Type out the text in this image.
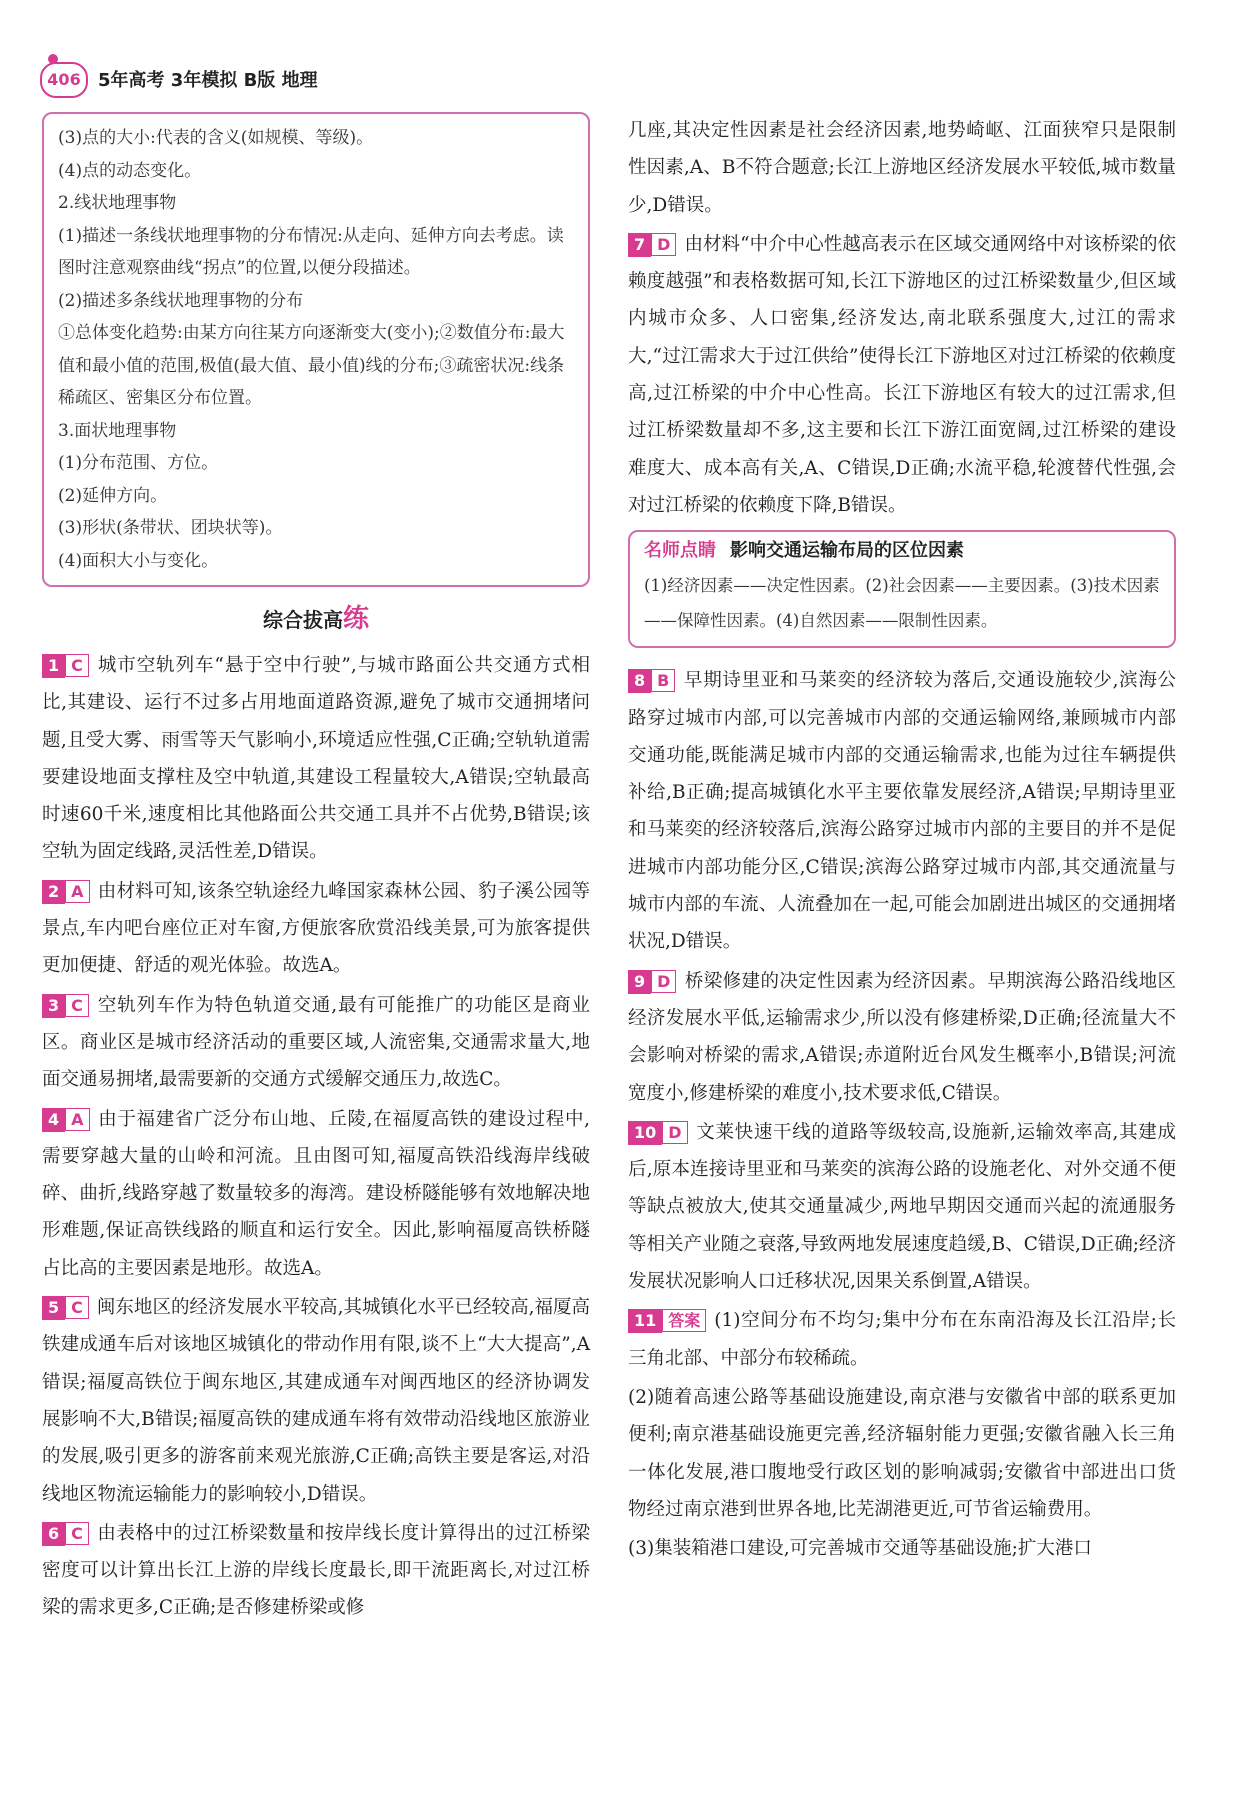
406 5年高考 3年模拟 B版 地理

(3)点的大小:代表的含义(如规模、等级)。

(4)点的动态变化。

2.线状地理事物

(1)描述一条线状地理事物的分布情况:从走向、延伸方向去考虑。读图时注意观察曲线“拐点”的位置,以便分段描述。

(2)描述多条线状地理事物的分布

①总体变化趋势:由某方向往某方向逐渐变大(变小);②数值分布:最大值和最小值的范围,极值(最大值、最小值)线的分布;③疏密状况:线条稀疏区、密集区分布位置。

3.面状地理事物

(1)分布范围、方位。

(2)延伸方向。

(3)形状(条带状、团块状等)。

(4)面积大小与变化。

综合拔高练

1 C 城市空轨列车“悬于空中行驶”,与城市路面公共交通方式相比,其建设、运行不过多占用地面道路资源,避免了城市交通拥堵问题,且受大雾、雨雪等天气影响小,环境适应性强,C正确;空轨轨道需要建设地面支撑柱及空中轨道,其建设工程量较大,A错误;空轨最高时速60千米,速度相比其他路面公共交通工具并不占优势,B错误;该空轨为固定线路,灵活性差,D错误。

2 A 由材料可知,该条空轨途经九峰国家森林公园、豹子溪公园等景点,车内吧台座位正对车窗,方便旅客欣赏沿线美景,可为旅客提供更加便捷、舒适的观光体验。故选A。

3 C 空轨列车作为特色轨道交通,最有可能推广的功能区是商业区。商业区是城市经济活动的重要区域,人流密集,交通需求量大,地面交通易拥堵,最需要新的交通方式缓解交通压力,故选C。

4 A 由于福建省广泛分布山地、丘陵,在福厦高铁的建设过程中,需要穿越大量的山岭和河流。且由图可知,福厦高铁沿线海岸线破碎、曲折,线路穿越了数量较多的海湾。建设桥隧能够有效地解决地形难题,保证高铁线路的顺直和运行安全。因此,影响福厦高铁桥隧占比高的主要因素是地形。故选A。

5 C 闽东地区的经济发展水平较高,其城镇化水平已经较高,福厦高铁建成通车后对该地区城镇化的带动作用有限,谈不上“大大提高”,A错误;福厦高铁位于闽东地区,其建成通车对闽西地区的经济协调发展影响不大,B错误;福厦高铁的建成通车将有效带动沿线地区旅游业的发展,吸引更多的游客前来观光旅游,C正确;高铁主要是客运,对沿线地区物流运输能力的影响较小,D错误。

6 C 由表格中的过江桥梁数量和按岸线长度计算得出的过江桥梁密度可以计算出长江上游的岸线长度最长,即干流距离长,对过江桥梁的需求更多,C正确;是否修建桥梁或修

几座,其决定性因素是社会经济因素,地势崎岖、江面狭窄只是限制性因素,A、B不符合题意;长江上游地区经济发展水平较低,城市数量少,D错误。

7 D 由材料“中介中心性越高表示在区域交通网络中对该桥梁的依赖度越强”和表格数据可知,长江下游地区的过江桥梁数量少,但区域内城市众多、人口密集,经济发达,南北联系强度大,过江的需求大,“过江需求大于过江供给”使得长江下游地区对过江桥梁的依赖度高,过江桥梁的中介中心性高。长江下游地区有较大的过江需求,但过江桥梁数量却不多,这主要和长江下游江面宽阔,过江桥梁的建设难度大、成本高有关,A、C错误,D正确;水流平稳,轮渡替代性强,会对过江桥梁的依赖度下降,B错误。

名师点睛 影响交通运输布局的区位因素
(1)经济因素——决定性因素。(2)社会因素——主要因素。(3)技术因素——保障性因素。(4)自然因素——限制性因素。

8 B 早期诗里亚和马莱奕的经济较为落后,交通设施较少,滨海公路穿过城市内部,可以完善城市内部的交通运输网络,兼顾城市内部交通功能,既能满足城市内部的交通运输需求,也能为过往车辆提供补给,B正确;提高城镇化水平主要依靠发展经济,A错误;早期诗里亚和马莱奕的经济较落后,滨海公路穿过城市内部的主要目的并不是促进城市内部功能分区,C错误;滨海公路穿过城市内部,其交通流量与城市内部的车流、人流叠加在一起,可能会加剧进出城区的交通拥堵状况,D错误。

9 D 桥梁修建的决定性因素为经济因素。早期滨海公路沿线地区经济发展水平低,运输需求少,所以没有修建桥梁,D正确;径流量大不会影响对桥梁的需求,A错误;赤道附近台风发生概率小,B错误;河流宽度小,修建桥梁的难度小,技术要求低,C错误。

10 D 文莱快速干线的道路等级较高,设施新,运输效率高,其建成后,原本连接诗里亚和马莱奕的滨海公路的设施老化、对外交通不便等缺点被放大,使其交通量减少,两地早期因交通而兴起的流通服务等相关产业随之衰落,导致两地发展速度趋缓,B、C错误,D正确;经济发展状况影响人口迁移状况,因果关系倒置,A错误。

11 答案 (1)空间分布不均匀;集中分布在东南沿海及长江沿岸;长三角北部、中部分布较稀疏。

(2)随着高速公路等基础设施建设,南京港与安徽省中部的联系更加便利;南京港基础设施更完善,经济辐射能力更强;安徽省融入长三角一体化发展,港口腹地受行政区划的影响减弱;安徽省中部进出口货物经过南京港到世界各地,比芜湖港更近,可节省运输费用。

(3)集装箱港口建设,可完善城市交通等基础设施;扩大港口
